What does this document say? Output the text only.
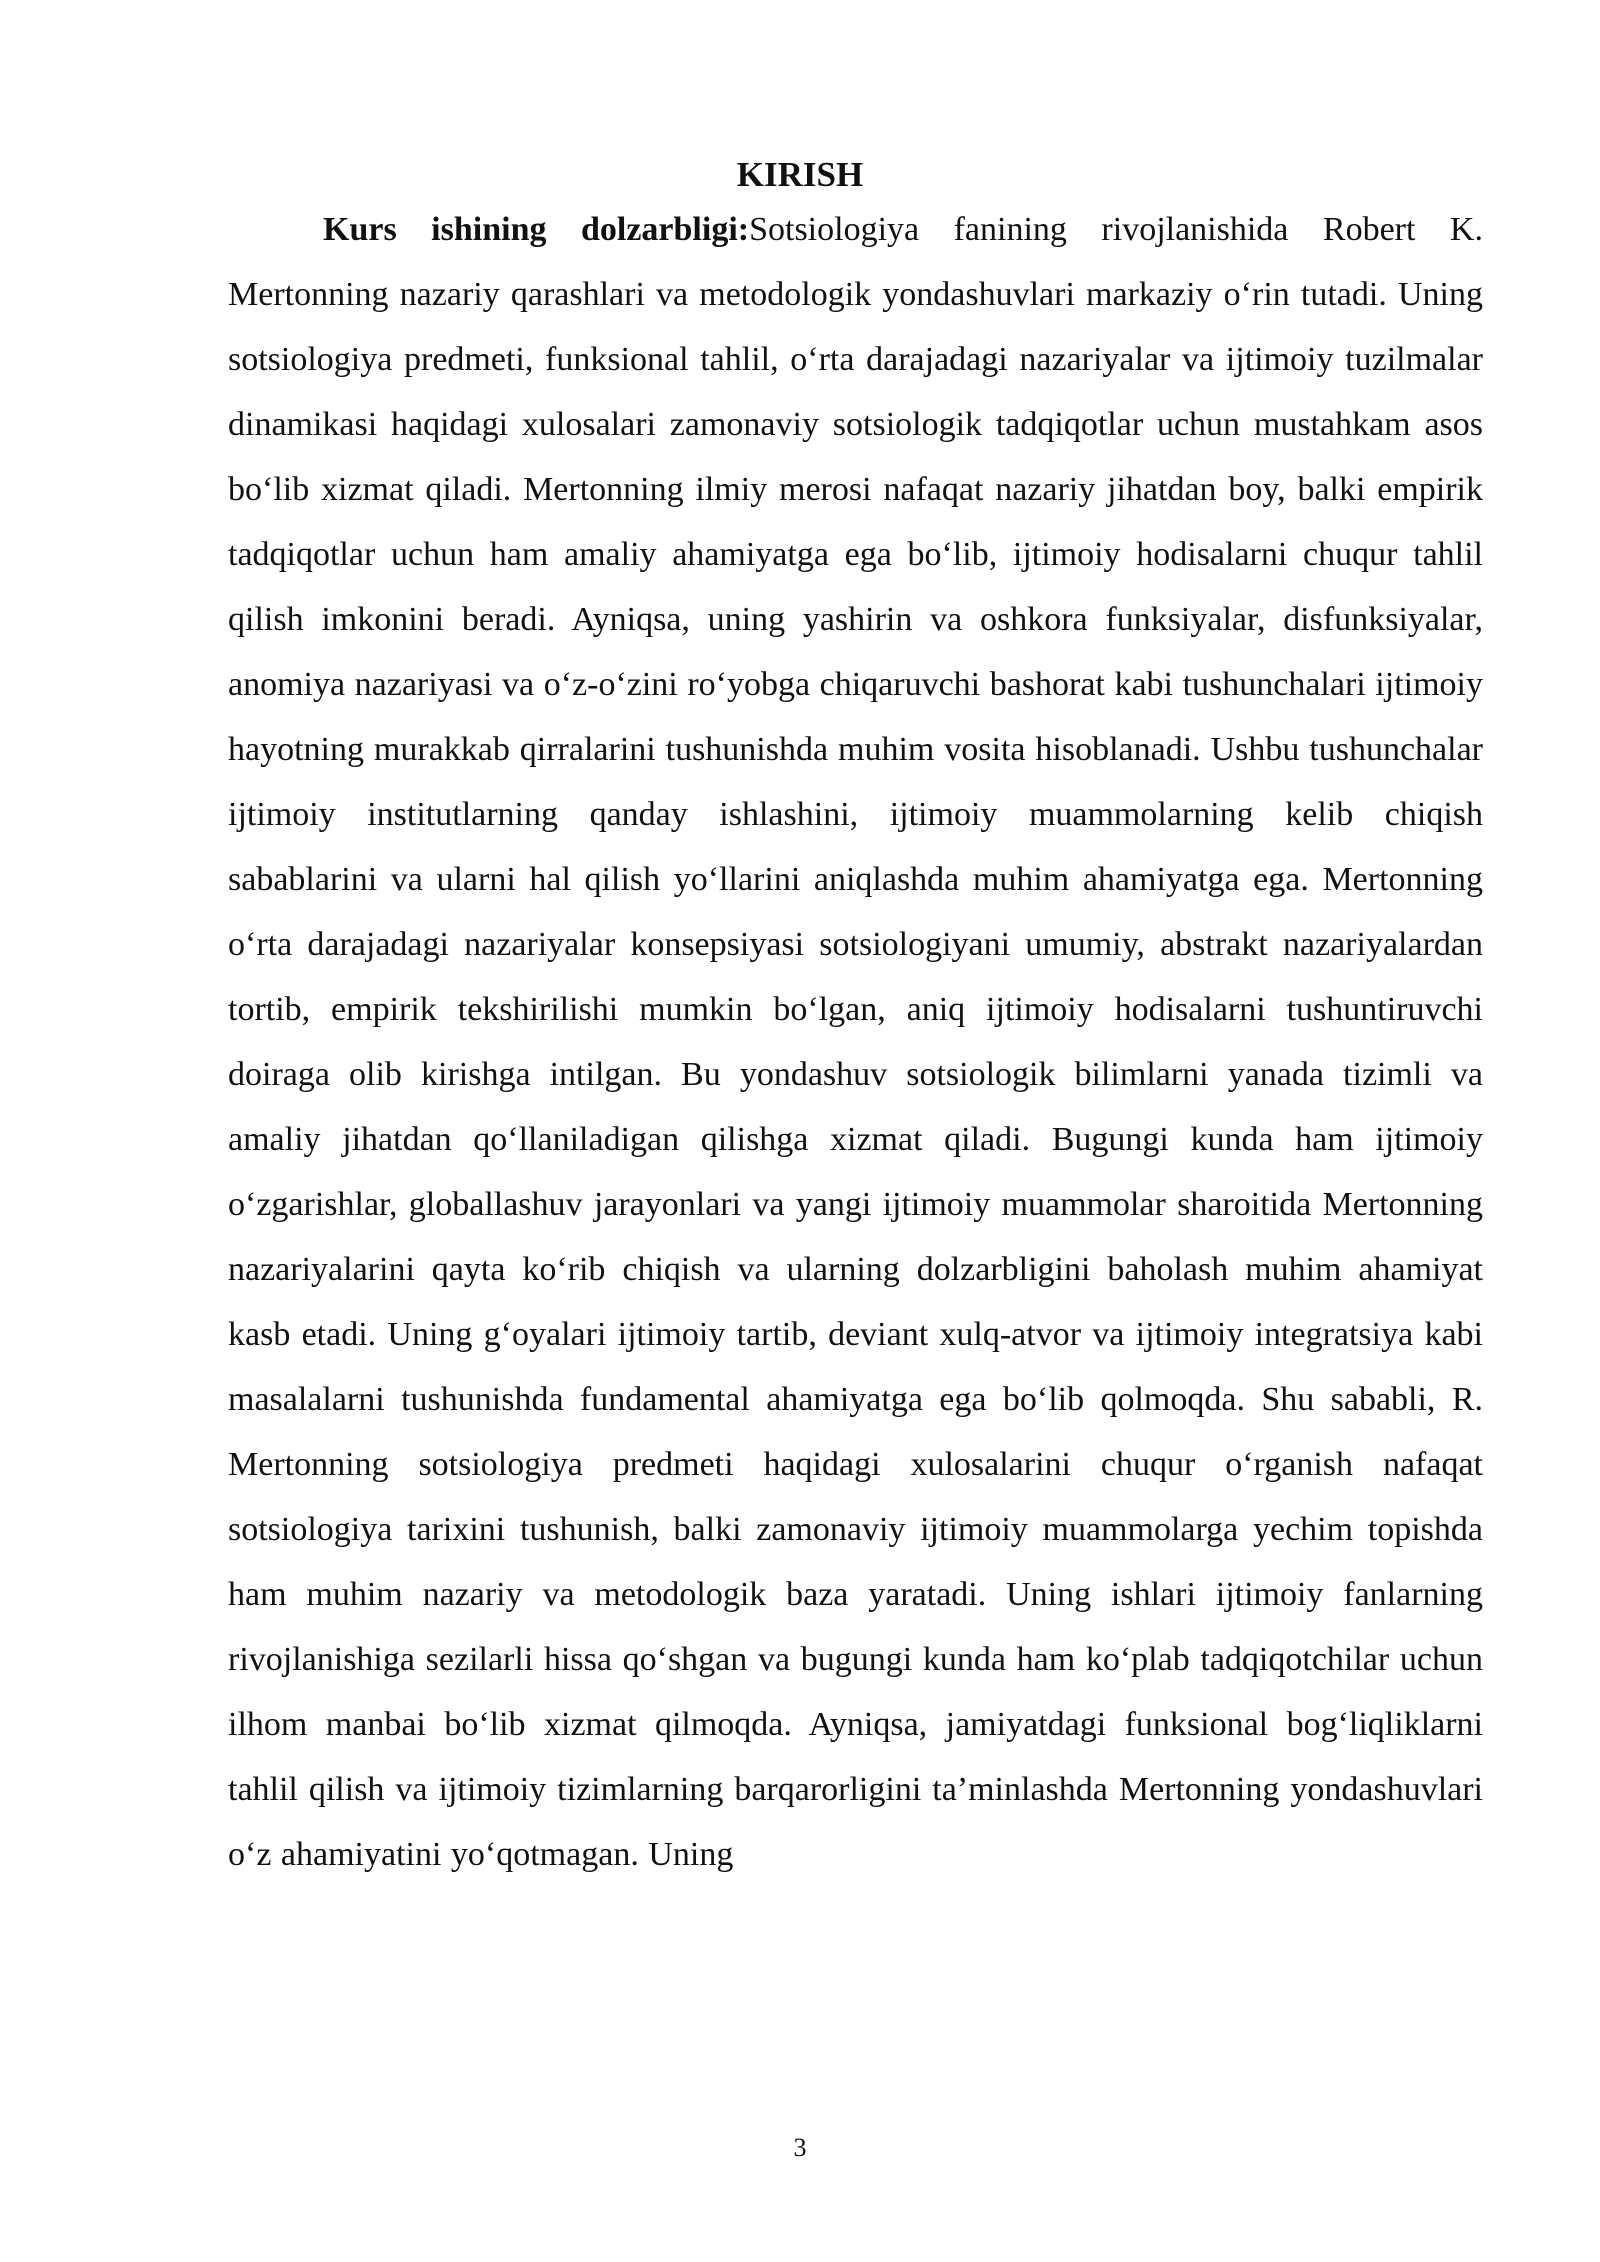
KIRISH

Kurs ishining dolzarbligi:Sotsiologiya fanining rivojlanishida Robert K. Mertonning nazariy qarashlari va metodologik yondashuvlari markaziy o‘rin tutadi. Uning sotsiologiya predmeti, funksional tahlil, o‘rta darajadagi nazariyalar va ijtimoiy tuzilmalar dinamikasi haqidagi xulosalari zamonaviy sotsiologik tadqiqotlar uchun mustahkam asos bo‘lib xizmat qiladi. Mertonning ilmiy merosi nafaqat nazariy jihatdan boy, balki empirik tadqiqotlar uchun ham amaliy ahamiyatga ega bo‘lib, ijtimoiy hodisalarni chuqur tahlil qilish imkonini beradi. Ayniqsa, uning yashirin va oshkora funksiyalar, disfunksiyalar, anomiya nazariyasi va o‘z-o‘zini ro‘yobga chiqaruvchi bashorat kabi tushunchalari ijtimoiy hayotning murakkab qirralarini tushunishda muhim vosita hisoblanadi. Ushbu tushunchalar ijtimoiy institutlarning qanday ishlashini, ijtimoiy muammolarning kelib chiqish sabablarini va ularni hal qilish yo‘llarini aniqlashda muhim ahamiyatga ega. Mertonning o‘rta darajadagi nazariyalar konsepsiyasi sotsiologiyani umumiy, abstrakt nazariyalardan tortib, empirik tekshirilishi mumkin bo‘lgan, aniq ijtimoiy hodisalarni tushuntiruvchi doiraga olib kirishga intilgan. Bu yondashuv sotsiologik bilimlarni yanada tizimli va amaliy jihatdan qo‘llaniladigan qilishga xizmat qiladi. Bugungi kunda ham ijtimoiy o‘zgarishlar, globallashuv jarayonlari va yangi ijtimoiy muammolar sharoitida Mertonning nazariyalarini qayta ko‘rib chiqish va ularning dolzarbligini baholash muhim ahamiyat kasb etadi. Uning g‘oyalari ijtimoiy tartib, deviant xulq-atvor va ijtimoiy integratsiya kabi masalalarni tushunishda fundamental ahamiyatga ega bo‘lib qolmoqda. Shu sababli, R. Mertonning sotsiologiya predmeti haqidagi xulosalarini chuqur o‘rganish nafaqat sotsiologiya tarixini tushunish, balki zamonaviy ijtimoiy muammolarga yechim topishda ham muhim nazariy va metodologik baza yaratadi. Uning ishlari ijtimoiy fanlarning rivojlanishiga sezilarli hissa qo‘shgan va bugungi kunda ham ko‘plab tadqiqotchilar uchun ilhom manbai bo‘lib xizmat qilmoqda. Ayniqsa, jamiyatdagi funksional bog‘liqliklarni tahlil qilish va ijtimoiy tizimlarning barqarorligini ta’minlashda Mertonning yondashuvlari o‘z ahamiyatini yo‘qotmagan. Uning

3
